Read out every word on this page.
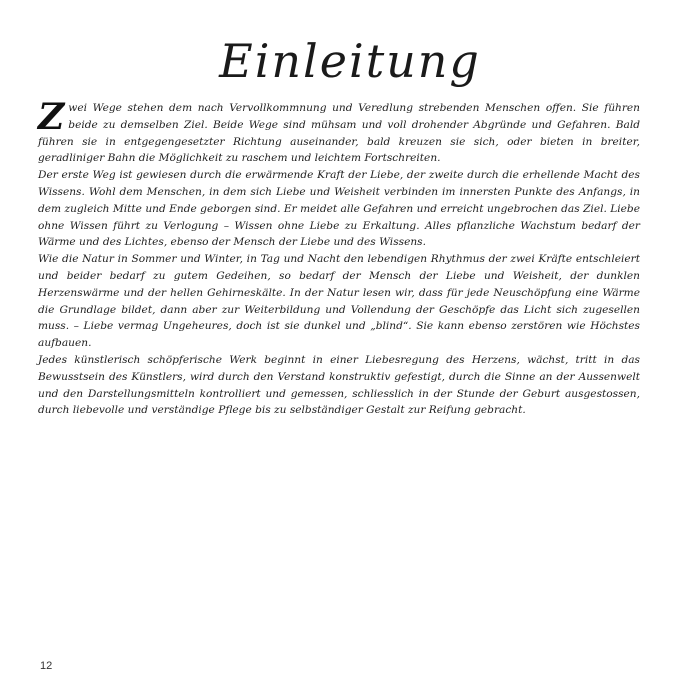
Einleitung

Zwei Wege stehen dem nach Vervollkommnung und Veredlung strebenden Menschen offen. Sie führen beide zu demselben Ziel. Beide Wege sind mühsam und voll drohender Abgründe und Gefahren. Bald führen sie in entgegengesetzter Richtung auseinander, bald kreuzen sie sich, oder bieten in breiter, geradliniger Bahn die Möglichkeit zu raschem und leichtem Fortschreiten.

Der erste Weg ist gewiesen durch die erwärmende Kraft der Liebe, der zweite durch die erhellende Macht des Wissens. Wohl dem Menschen, in dem sich Liebe und Weisheit verbinden im innersten Punkte des Anfangs, in dem zugleich Mitte und Ende geborgen sind. Er meidet alle Gefahren und erreicht ungebrochen das Ziel. Liebe ohne Wissen führt zu Verlogung – Wissen ohne Liebe zu Erkaltung. Alles pflanzliche Wachstum bedarf der Wärme und des Lichtes, ebenso der Mensch der Liebe und des Wissens.

Wie die Natur in Sommer und Winter, in Tag und Nacht den lebendigen Rhythmus der zwei Kräfte entschleiert und beider bedarf zu gutem Gedeihen, so bedarf der Mensch der Liebe und Weisheit, der dunklen Herzenswärme und der hellen Gehirneskälte. In der Natur lesen wir, dass für jede Neuschöpfung eine Wärme die Grundlage bildet, dann aber zur Weiterbildung und Vollendung der Geschöpfe das Licht sich zugesellen muss. – Liebe vermag Ungeheures, doch ist sie dunkel und „blind“. Sie kann ebenso zerstören wie Höchstes aufbauen.

Jedes künstlerisch schöpferische Werk beginnt in einer Liebesregung des Herzens, wächst, tritt in das Bewusstsein des Künstlers, wird durch den Verstand konstruktiv gefestigt, durch die Sinne an der Aussenwelt und den Darstellungsmitteln kontrolliert und gemessen, schliesslich in der Stunde der Geburt ausgestossen, durch liebevolle und verständige Pflege bis zu selbständiger Gestalt zur Reifung gebracht.

12
